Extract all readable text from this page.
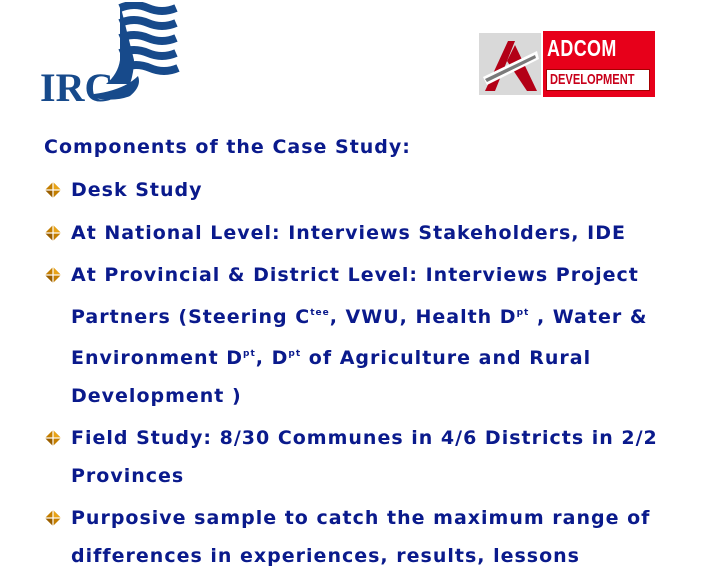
IRC
ADCOM
DEVELOPMENT
Components of the Case Study:
Desk Study
At National Level: Interviews Stakeholders, IDE
At Provincial & District Level: Interviews Project Partners (Steering $C^{tee}$, VWU, Health $D^{pt}$ , Water & Environment $D^{pt}$, $D^{pt}$ of Agriculture and Rural Development )
Field Study: 8/30 Communes in 4/6 Districts in 2/2 Provinces
Purposive sample to catch the maximum range of differences in experiences, results, lessons
